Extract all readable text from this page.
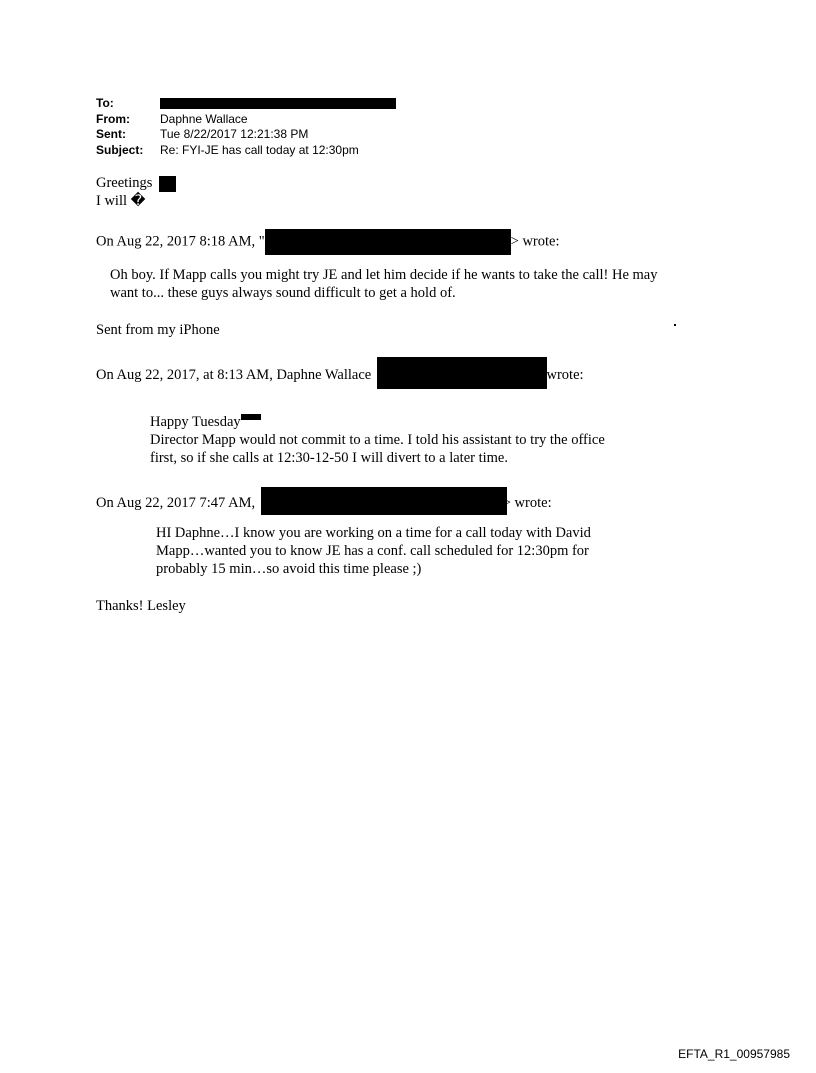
To:
From:	Daphne Wallace
Sent:	Tue 8/22/2017 12:21:38 PM
Subject:	Re: FYI-JE has call today at 12:30pm
Greetings
I will �
On Aug 22, 2017 8:18 AM, "	> wrote:
Oh boy. If Mapp calls you might try JE and let him decide if he wants to take the call! He may
want to... these guys always sound difficult to get a hold of.
Sent from my iPhone
On Aug 22, 2017, at 8:13 AM, Daphne Wallace	wrote:
Happy Tuesday
Director Mapp would not commit to a time. I told his assistant to try the office
first, so if she calls at 12:30-12-50 I will divert to a later time.
On Aug 22, 2017 7:47 AM,	> wrote:
HI Daphne…I know you are working on a time for a call today with David
Mapp…wanted you to know JE has a conf. call scheduled for 12:30pm for
probably 15 min…so avoid this time please ;)
Thanks! Lesley
EFTA_R1_00957985
